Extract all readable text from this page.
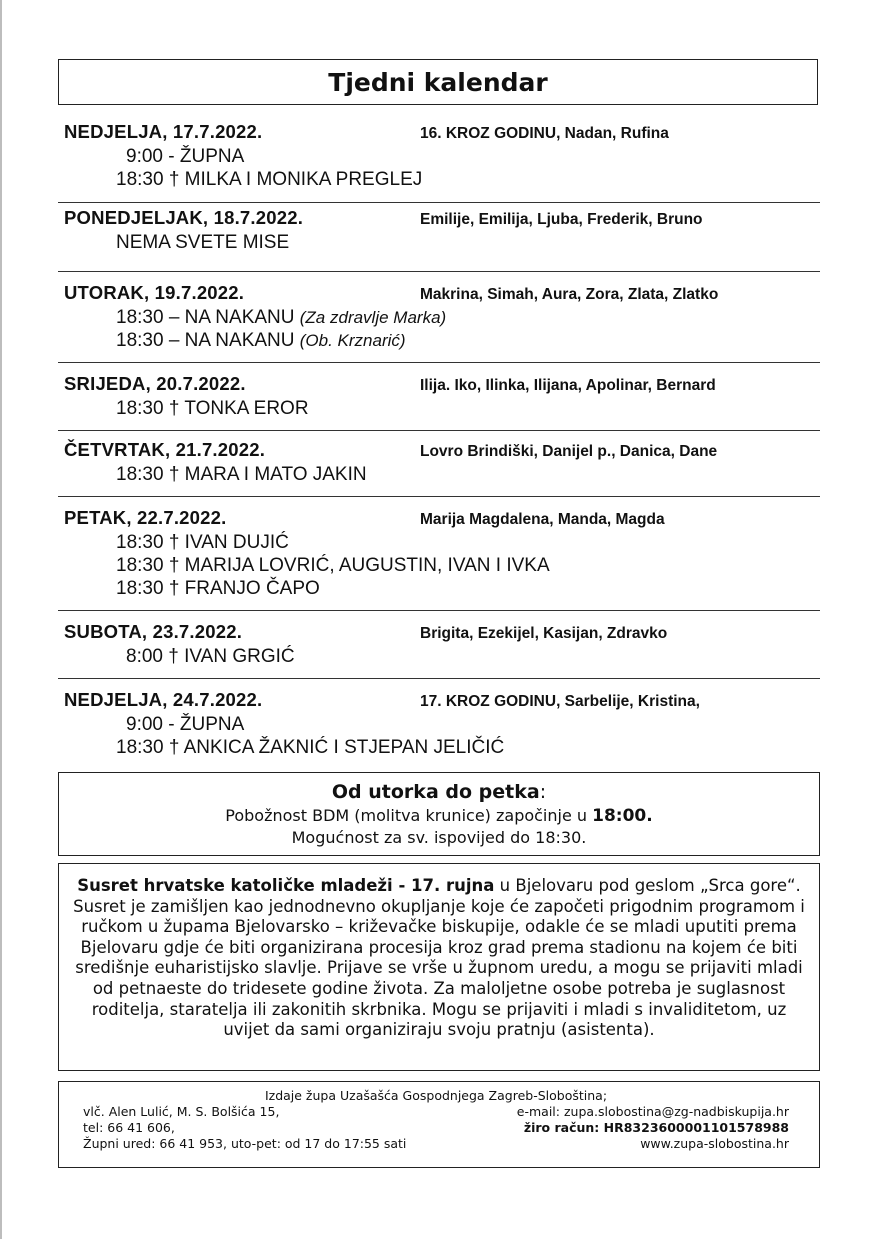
Tjedni kalendar
NEDJELJA, 17.7.2022.	16. KROZ GODINU, Nadan, Rufina
9:00 - ŽUPNA
18:30 † MILKA I MONIKA PREGLEJ
PONEDJELJAK, 18.7.2022.	Emilije, Emilija, Ljuba, Frederik, Bruno
NEMA SVETE MISE
UTORAK, 19.7.2022.	Makrina, Simah, Aura, Zora, Zlata, Zlatko
18:30 – NA NAKANU (Za zdravlje Marka)
18:30 – NA NAKANU (Ob. Krznarić)
SRIJEDA, 20.7.2022.	Ilija. Iko, Ilinka, Ilijana, Apolinar, Bernard
18:30 † TONKA EROR
ČETVRTAK, 21.7.2022.	Lovro Brindiški, Danijel p., Danica, Dane
18:30 † MARA I MATO JAKIN
PETAK, 22.7.2022.	Marija Magdalena, Manda, Magda
18:30 † IVAN DUJIĆ
18:30 † MARIJA LOVRIĆ, AUGUSTIN, IVAN I IVKA
18:30 † FRANJO ČAPO
SUBOTA, 23.7.2022.	Brigita, Ezekijel, Kasijan, Zdravko
8:00 † IVAN GRGIĆ
NEDJELJA, 24.7.2022.	17. KROZ GODINU, Sarbelije, Kristina,
9:00 - ŽUPNA
18:30 † ANKICA ŽAKNIĆ I STJEPAN JELIČIĆ
Od utorka do petka:
Pobožnost BDM (molitva krunice) započinje u 18:00.
Mogućnost za sv. ispovijed do 18:30.
Susret hrvatske katoličke mladeži - 17. rujna u Bjelovaru pod geslom „Srca gore“. Susret je zamišljen kao jednodnevno okupljanje koje će započeti prigodnim programom i ručkom u župama Bjelovarsko – križevačke biskupije, odakle će se mladi uputiti prema Bjelovaru gdje će biti organizirana procesija kroz grad prema stadionu na kojem će biti središnje euharistijsko slavlje. Prijave se vrše u župnom uredu, a mogu se prijaviti mladi od petnaeste do tridesete godine života. Za maloljetne osobe potreba je suglasnost roditelja, staratelja ili zakonitih skrbnika. Mogu se prijaviti i mladi s invaliditetom, uz uvijet da sami organiziraju svoju pratnju (asistenta).
Izdaje župa Uzašašća Gospodnjega Zagreb-Sloboština;
vlč. Alen Lulić, M. S. Bolšića 15,	e-mail: zupa.slobostina@zg-nadbiskupija.hr
tel: 66 41 606,	žiro račun: HR8323600001101578988
Župni ured: 66 41 953, uto-pet: od 17 do 17:55 sati	www.zupa-slobostina.hr
